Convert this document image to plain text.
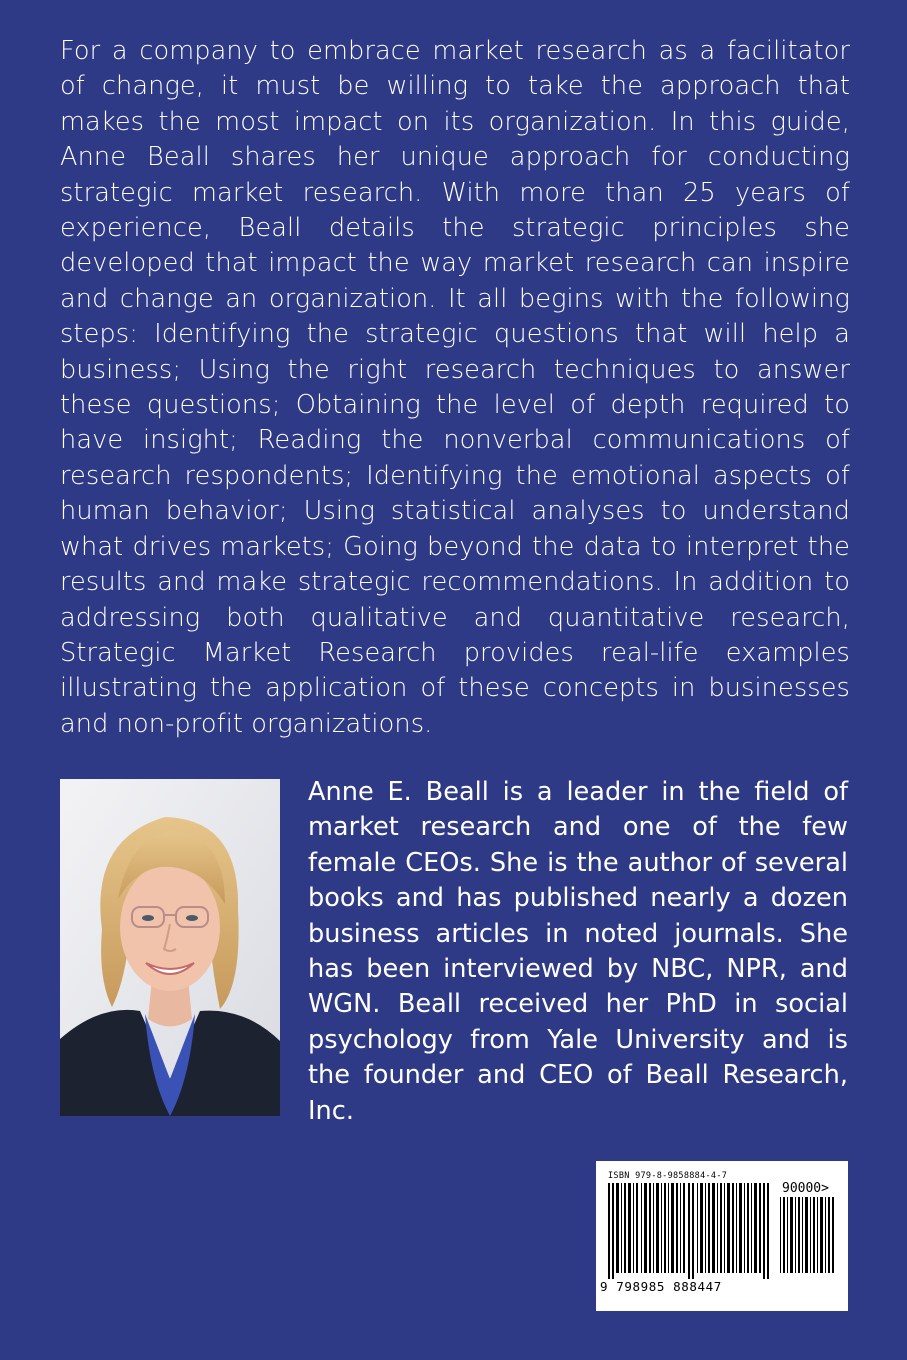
For a company to embrace market research as a facilitator of change, it must be willing to take the approach that makes the most impact on its organization. In this guide, Anne Beall shares her unique approach for conducting strategic market research. With more than 25 years of experience, Beall details the strategic principles she developed that impact the way market research can inspire and change an organization. It all begins with the following steps: Identifying the strategic questions that will help a business; Using the right research techniques to answer these questions; Obtaining the level of depth required to have insight; Reading the nonverbal communications of research respondents; Identifying the emotional aspects of human behavior; Using statistical analyses to understand what drives markets; Going beyond the data to interpret the results and make strategic recommendations. In addition to addressing both qualitative and quantitative research, Strategic Market Research provides real-life examples illustrating the application of these concepts in businesses and non-profit organizations.
Anne E. Beall is a leader in the field of market research and one of the few female CEOs. She is the author of several books and has published nearly a dozen business articles in noted journals. She has been interviewed by NBC, NPR, and WGN. Beall received her PhD in social psychology from Yale University and is the founder and CEO of Beall Research, Inc.
ISBN 979-8-9858884-4-7
90000>
9 798985 888447
